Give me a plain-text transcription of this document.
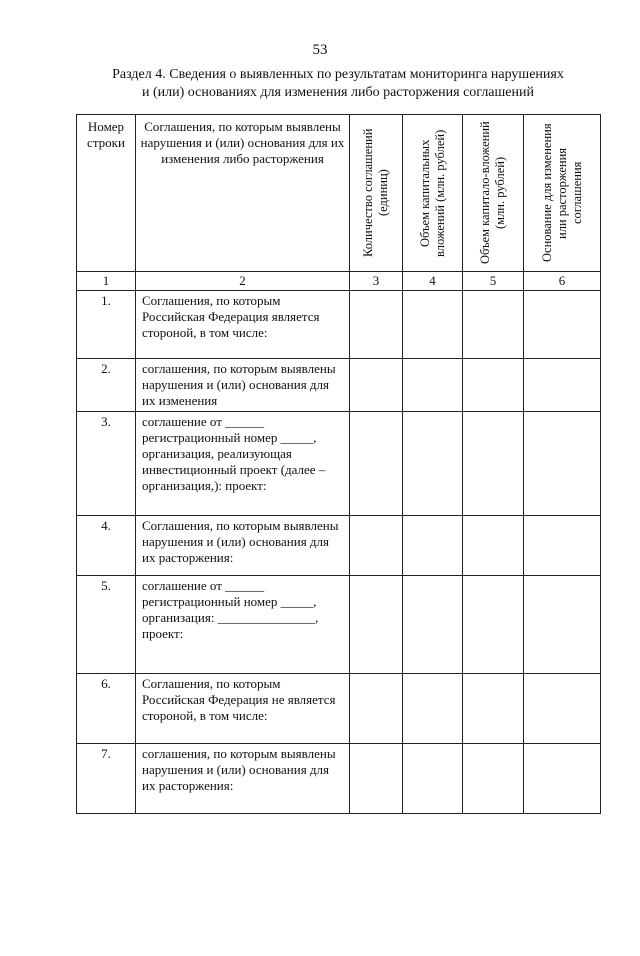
53
Раздел 4. Сведения о выявленных по результатам мониторинга нарушениях
и (или) основаниях для изменения либо расторжения соглашений
Номер строки	Соглашения, по которым выявлены нарушения и (или) основания для их изменения либо расторжения	Количество соглашений (единиц)	Объем капитальных вложений (млн. рублей)	Объем капитало-вложений (млн. рублей)	Основание для изменения или расторжения соглашения

1	2	3	4	5	6
1.	Соглашения, по которым Российская Федерация является стороной, в том числе:				
2.	соглашения, по которым выявлены нарушения и (или) основания для их изменения				
3.	соглашение от ______ регистрационный номер _____, организация, реализующая инвестиционный проект (далее – организация,): проект:				
4.	Соглашения, по которым выявлены нарушения и (или) основания для их расторжения:				
5.	соглашение от ______ регистрационный номер _____, организация: _______________, проект:				
6.	Соглашения, по которым Российская Федерация не является стороной, в том числе:				
7.	соглашения, по которым выявлены нарушения и (или) основания для их расторжения:				
